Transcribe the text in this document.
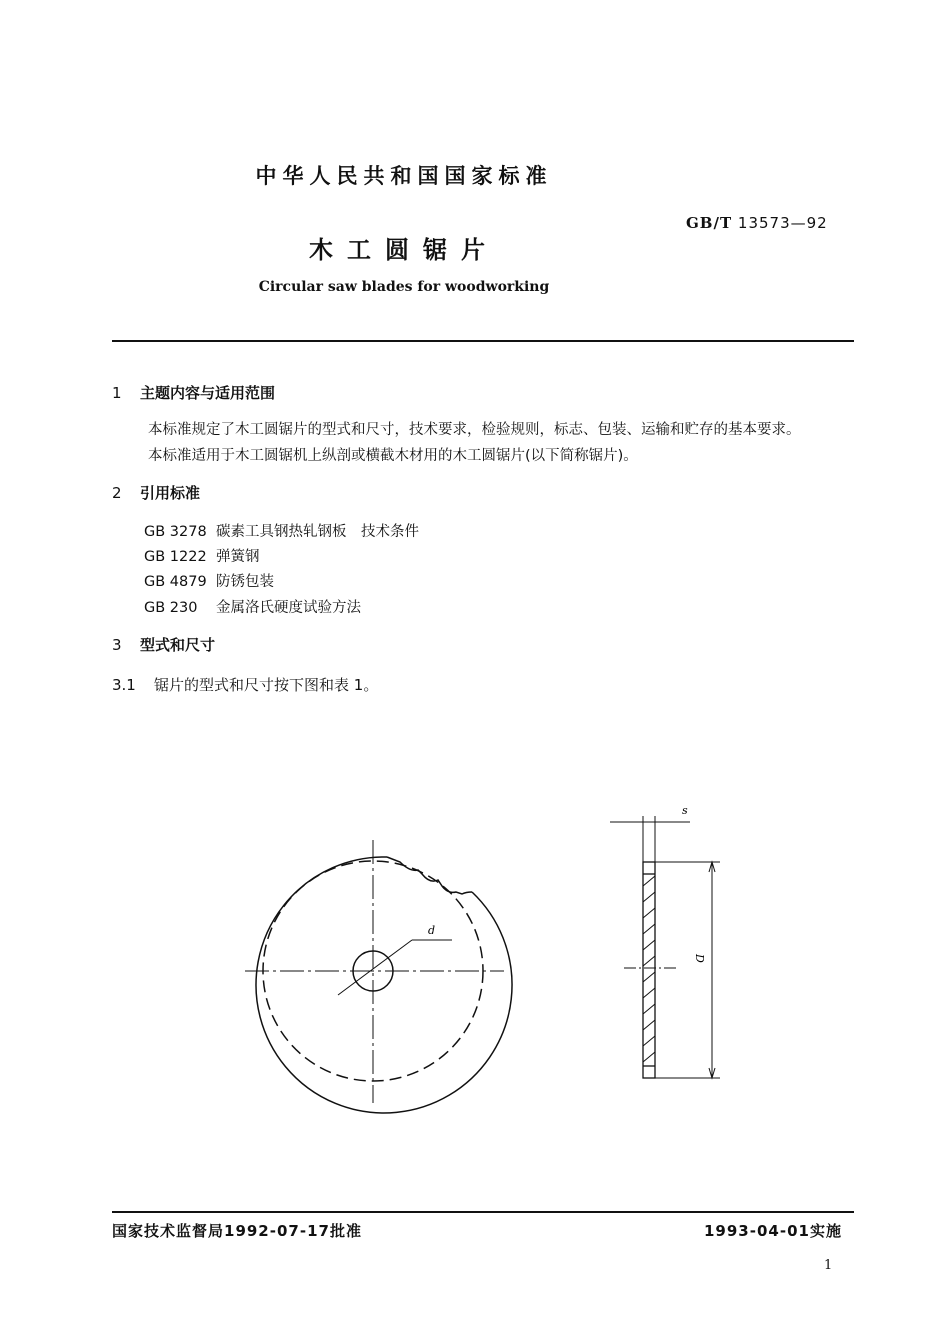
中华人民共和国国家标准
GB/T 13573—92
木工圆锯片
Circular saw blades for woodworking
1 主题内容与适用范围
本标准规定了木工圆锯片的型式和尺寸，技术要求，检验规则，标志、包装、运输和贮存的基本要求。
本标准适用于木工圆锯机上纵剖或横截木材用的木工圆锯片(以下简称锯片)。
2 引用标准
GB 3278 碳素工具钢热轧钢板　技术条件
GB 1222 弹簧钢
GB 4879 防锈包装
GB 230 金属洛氏硬度试验方法
3 型式和尺寸
3.1 锯片的型式和尺寸按下图和表 1。
d
s
D
国家技术监督局1992-07-17批准	1993-04-01实施
1
